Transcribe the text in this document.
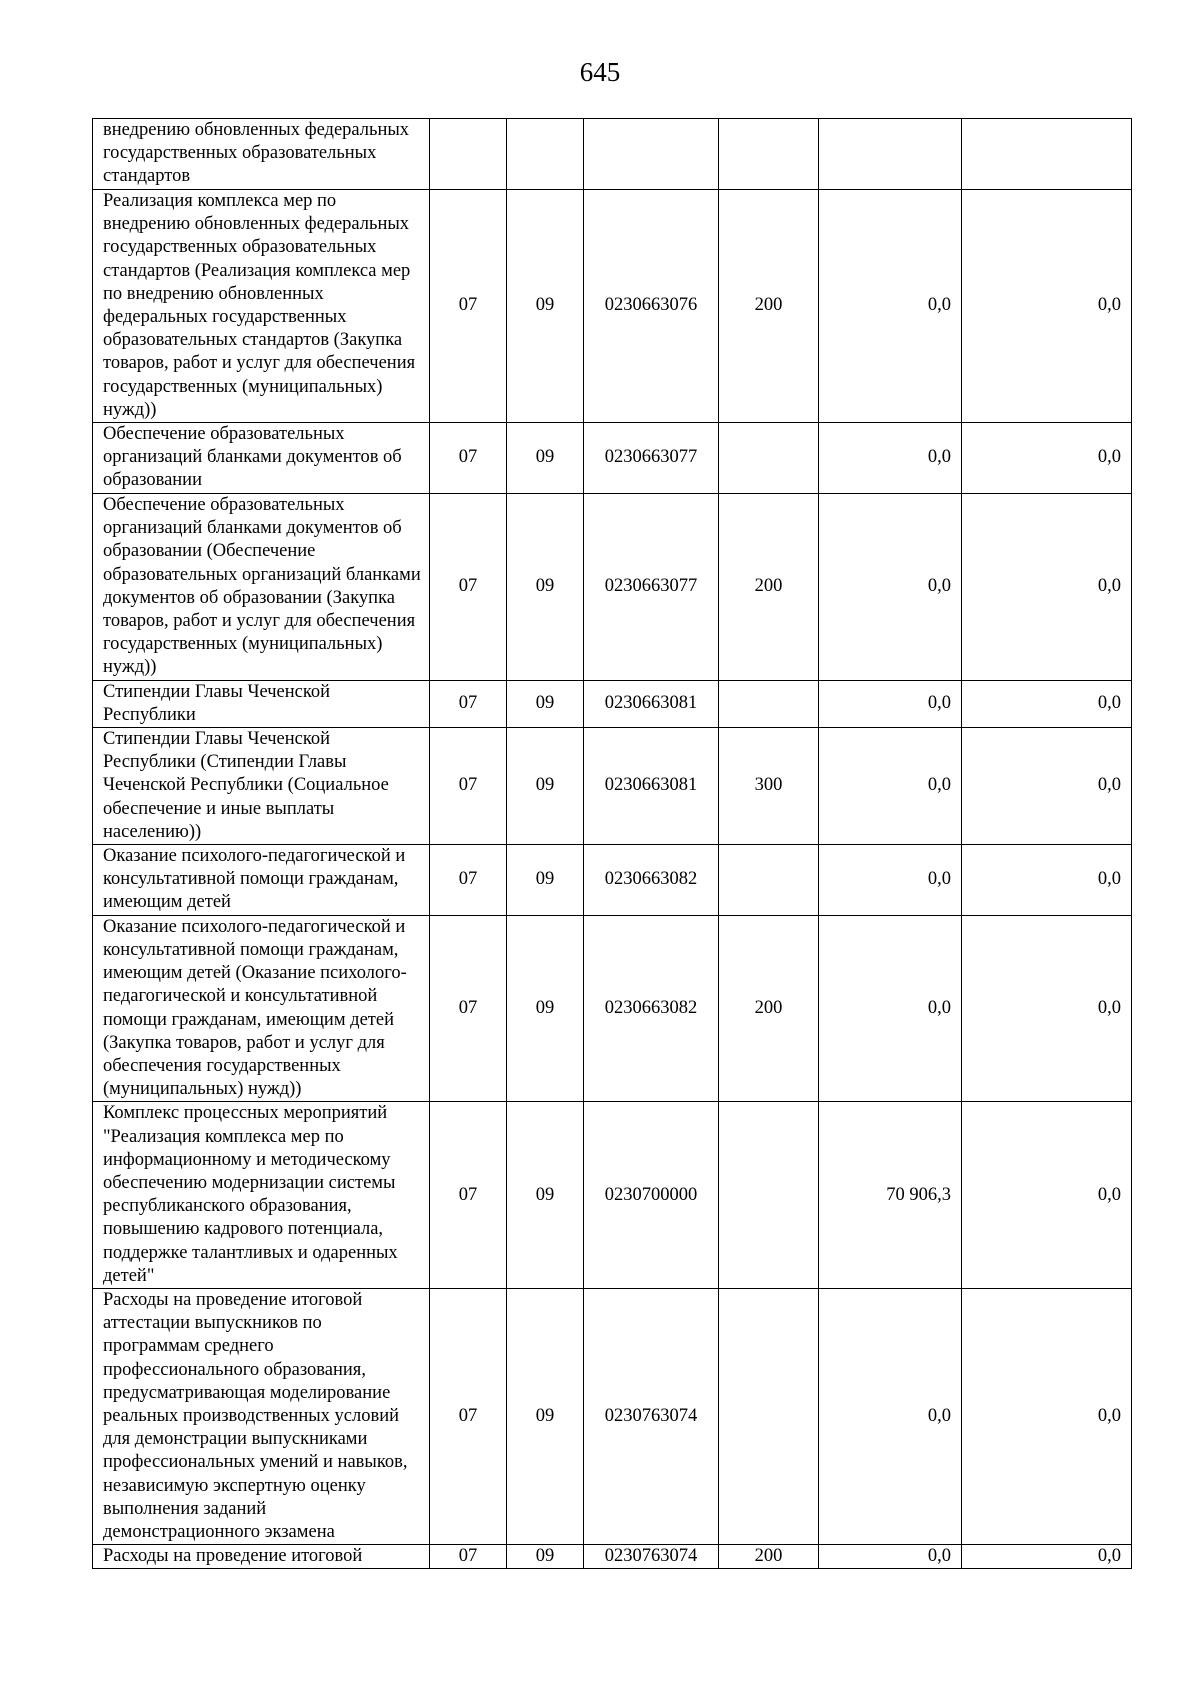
645
внедрению обновленных федеральных государственных образовательных стандартов						
Реализация комплекса мер по внедрению обновленных федеральных государственных образовательных стандартов (Реализация комплекса мер по внедрению обновленных федеральных государственных образовательных стандартов (Закупка товаров, работ и услуг для обеспечения государственных (муниципальных) нужд))	07	09	0230663076	200	0,0	0,0
Обеспечение образовательных организаций бланками документов об образовании	07	09	0230663077		0,0	0,0
Обеспечение образовательных организаций бланками документов об образовании (Обеспечение образовательных организаций бланками документов об образовании (Закупка товаров, работ и услуг для обеспечения государственных (муниципальных) нужд))	07	09	0230663077	200	0,0	0,0
Стипендии Главы Чеченской Республики	07	09	0230663081		0,0	0,0
Стипендии Главы Чеченской Республики (Стипендии Главы Чеченской Республики (Социальное обеспечение и иные выплаты населению))	07	09	0230663081	300	0,0	0,0
Оказание психолого-педагогической и консультативной помощи гражданам, имеющим детей	07	09	0230663082		0,0	0,0
Оказание психолого-педагогической и консультативной помощи гражданам, имеющим детей (Оказание психолого-педагогической и консультативной помощи гражданам, имеющим детей (Закупка товаров, работ и услуг для обеспечения государственных (муниципальных) нужд))	07	09	0230663082	200	0,0	0,0
Комплекс процессных мероприятий "Реализация комплекса мер по информационному и методическому обеспечению модернизации системы республиканского образования, повышению кадрового потенциала, поддержке талантливых и одаренных детей"	07	09	0230700000		70 906,3	0,0
Расходы на проведение итоговой аттестации выпускников по программам среднего профессионального образования, предусматривающая моделирование реальных производственных условий для демонстрации выпускниками профессиональных умений и навыков, независимую экспертную оценку выполнения заданий демонстрационного экзамена	07	09	0230763074		0,0	0,0
Расходы на проведение итоговой	07	09	0230763074	200	0,0	0,0
